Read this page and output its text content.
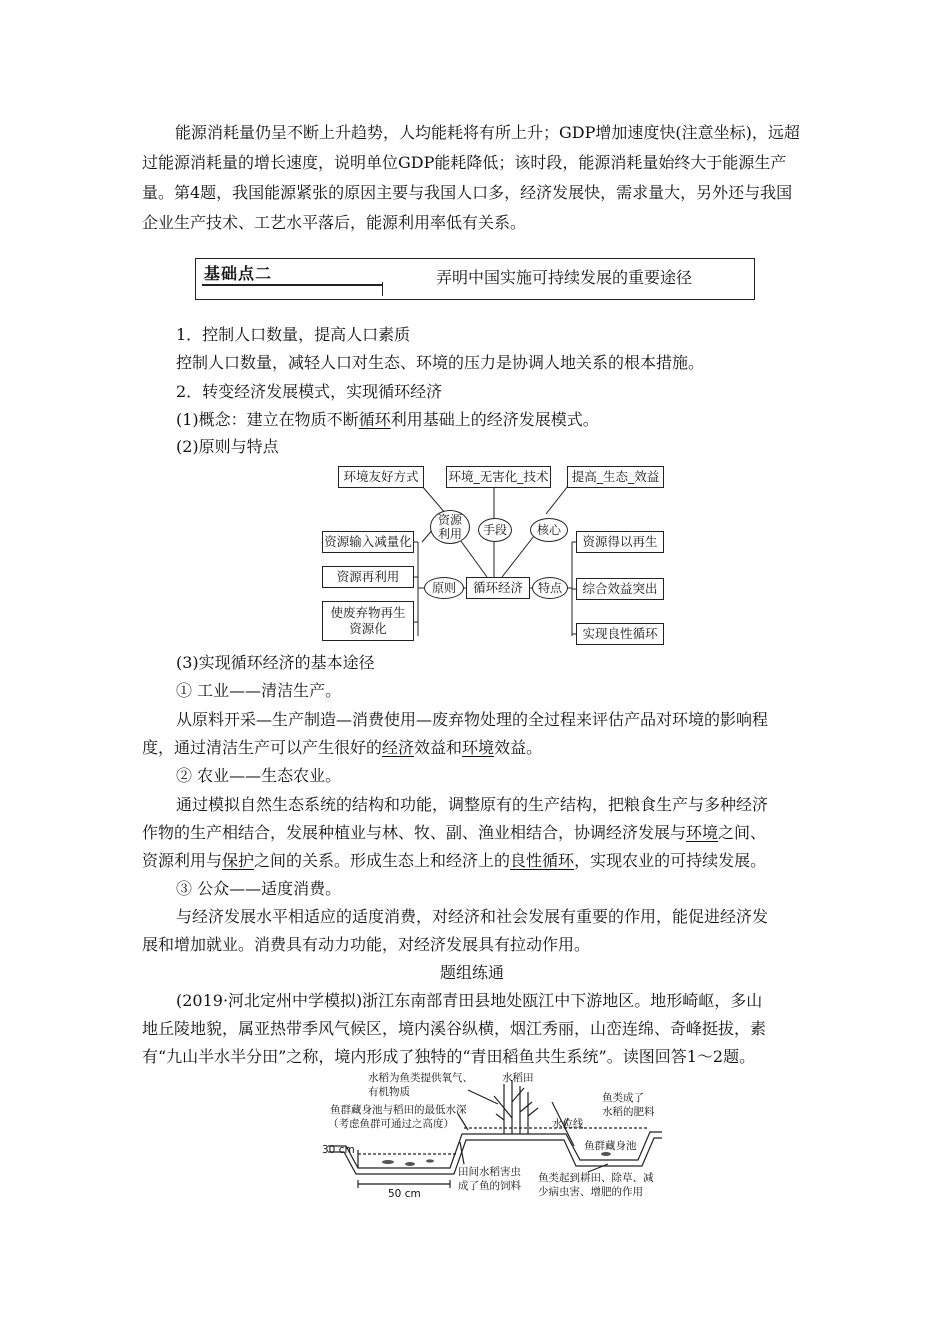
能源消耗量仍呈不断上升趋势，人均能耗将有所上升；GDP增加速度快(注意坐标)，远超过能源消耗量的增长速度，说明单位GDP能耗降低；该时段，能源消耗量始终大于能源生产量。第4题，我国能源紧张的原因主要与我国人口多，经济发展快，需求量大，另外还与我国企业生产技术、工艺水平落后，能源利用率低有关系。
基础点二	弄明中国实施可持续发展的重要途径
1．控制人口数量，提高人口素质
控制人口数量，减轻人口对生态、环境的压力是协调人地关系的根本措施。
2．转变经济发展模式，实现循环经济
(1)概念：建立在物质不断循环利用基础上的经济发展模式。
(2)原则与特点
环境友好方式 环境_无害化_技术 提高_生态_效益
资源
利用	手段	核心
循环经济
原则	特点
资源输入减量化
资源再利用
使废弃物再生
资源化
资源得以再生
综合效益突出
实现良性循环
(3)实现循环经济的基本途径
① 工业——清洁生产。
从原料开采—生产制造—消费使用—废弃物处理的全过程来评估产品对环境的影响程
度，通过清洁生产可以产生很好的经济效益和环境效益。
② 农业——生态农业。
通过模拟自然生态系统的结构和功能，调整原有的生产结构，把粮食生产与多种经济
作物的生产相结合，发展种植业与林、牧、副、渔业相结合，协调经济发展与环境之间、
资源利用与保护之间的关系。形成生态上和经济上的良性循环，实现农业的可持续发展。
③ 公众——适度消费。
与经济发展水平相适应的适度消费，对经济和社会发展有重要的作用，能促进经济发
展和增加就业。消费具有动力功能，对经济发展具有拉动作用。
题组练通
(2019·河北定州中学模拟)浙江东南部青田县地处瓯江中下游地区。地形崎岖，多山
地丘陵地貌，属亚热带季风气候区，境内溪谷纵横，烟江秀丽，山峦连绵、奇峰挺拔，素
有“九山半水半分田”之称，境内形成了独特的“青田稻鱼共生系统”。读图回答1～2题。
水稻为鱼类提供氧气、
有机物质
水稻田
鱼群藏身池与稻田的最低水深
（考虑鱼群可通过之高度）
鱼类成了
水稻的肥料
水位线
鱼群藏身池
30 cm
田间水稻害虫
成了鱼的饲料
鱼类起到耕田、除草、减
少病虫害、增肥的作用
50 cm
